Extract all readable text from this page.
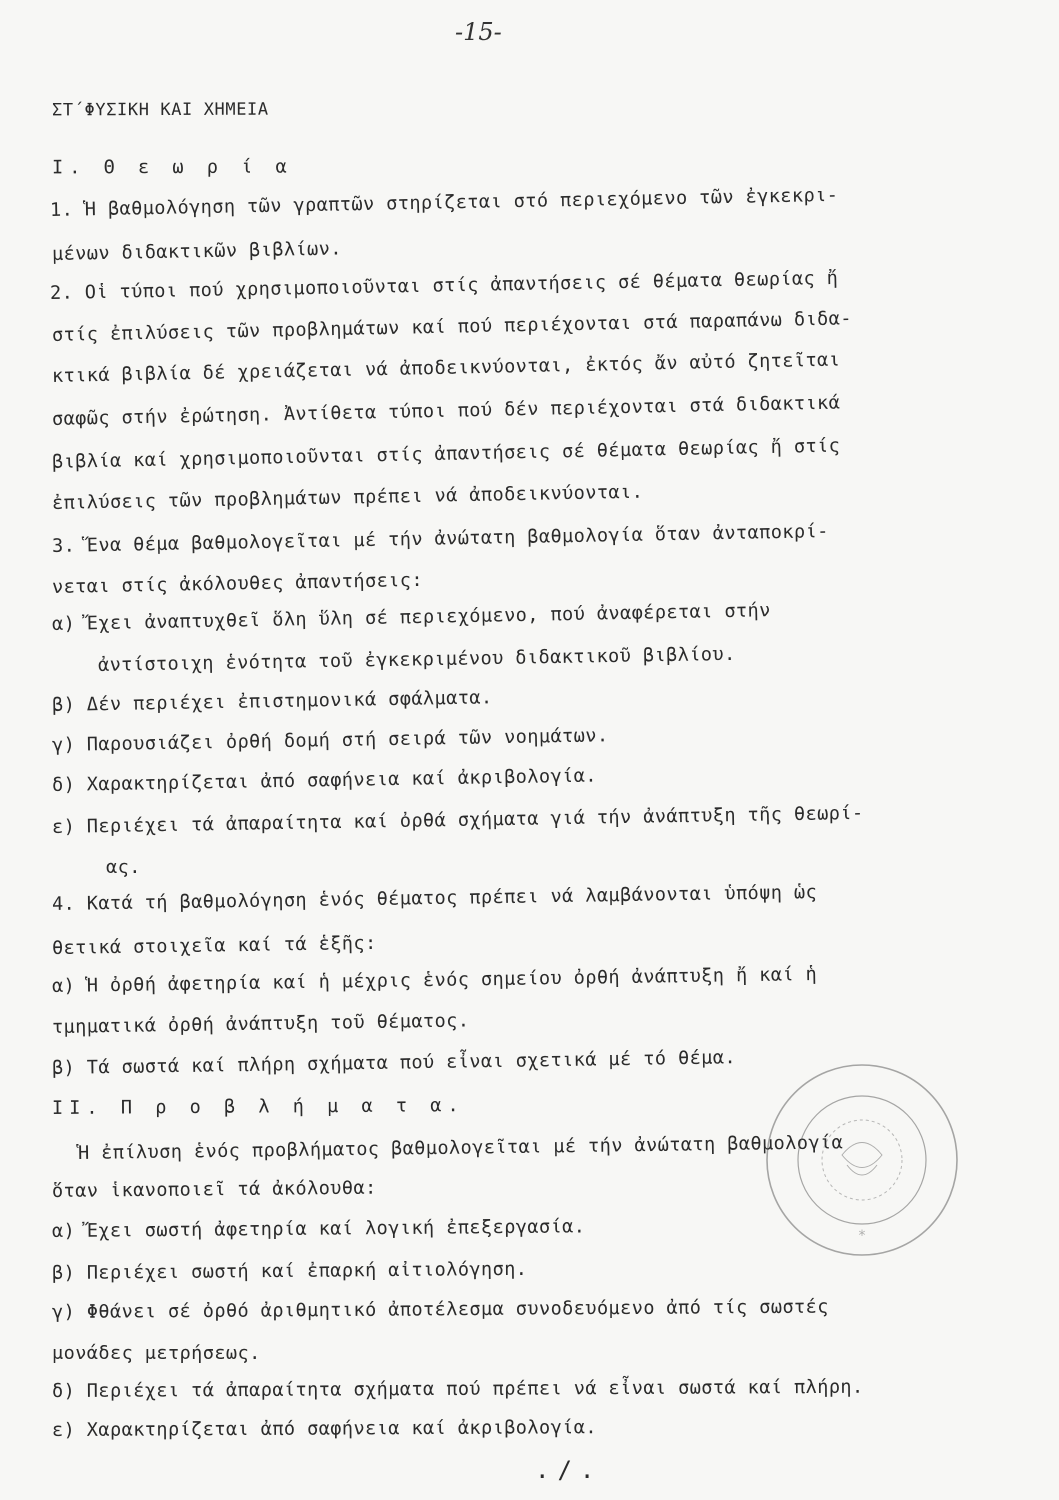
-15-
ΣΤ΄ΦΥΣΙΚΗ ΚΑΙ ΧΗΜΕΙΑ
Ι. Θ ε ω ρ ί α
1. Ἡ βαθμολόγηση τῶν γραπτῶν στηρίζεται στό περιεχόμενο τῶν ἐγκεκρι-
μένων διδακτικῶν βιβλίων.
2. Οἱ τύποι πού χρησιμοποιοῦνται στίς ἀπαντήσεις σέ θέματα θεωρίας ἤ
στίς ἐπιλύσεις τῶν προβλημάτων καί πού περιέχονται στά παραπάνω διδα-
κτικά βιβλία δέ χρειάζεται νά ἀποδεικνύονται, ἐκτός ἄν αὐτό ζητεῖται
σαφῶς στήν ἐρώτηση. Ἀντίθετα τύποι πού δέν περιέχονται στά διδακτικά
βιβλία καί χρησιμοποιοῦνται στίς ἀπαντήσεις σέ θέματα θεωρίας ἤ στίς
ἐπιλύσεις τῶν προβλημάτων πρέπει νά ἀποδεικνύονται.
3. Ἕνα θέμα βαθμολογεῖται μέ τήν ἀνώτατη βαθμολογία ὅταν ἀνταποκρί-
νεται στίς ἀκόλουθες ἀπαντήσεις:
α) Ἔχει ἀναπτυχθεῖ ὅλη ὕλη σέ περιεχόμενο, πού ἀναφέρεται στήν
ἀντίστοιχη ἑνότητα τοῦ ἐγκεκριμένου διδακτικοῦ βιβλίου.
β) Δέν περιέχει ἐπιστημονικά σφάλματα.
γ) Παρουσιάζει ὀρθή δομή στή σειρά τῶν νοημάτων.
δ) Χαρακτηρίζεται ἀπό σαφήνεια καί ἀκριβολογία.
ε) Περιέχει τά ἀπαραίτητα καί ὀρθά σχήματα γιά τήν ἀνάπτυξη τῆς θεωρί-
ας.
4. Κατά τή βαθμολόγηση ἑνός θέματος πρέπει νά λαμβάνονται ὑπόψη ὡς
θετικά στοιχεῖα καί τά ἑξῆς:
α) Ἡ ὀρθή ἀφετηρία καί ἡ μέχρις ἑνός σημείου ὀρθή ἀνάπτυξη ἤ καί ἡ
τμηματικά ὀρθή ἀνάπτυξη τοῦ θέματος.
β) Τά σωστά καί πλήρη σχήματα πού εἶναι σχετικά μέ τό θέμα.
ΙΙ. Π ρ ο β λ ή μ α τ α.
Ἡ ἐπίλυση ἑνός προβλήματος βαθμολογεῖται μέ τήν ἀνώτατη βαθμολογία
ὅταν ἱκανοποιεῖ τά ἀκόλουθα:
α) Ἔχει σωστή ἀφετηρία καί λογική ἐπεξεργασία.
β) Περιέχει σωστή καί ἐπαρκή αἰτιολόγηση.
γ) Φθάνει σέ ὀρθό ἀριθμητικό ἀποτέλεσμα συνοδευόμενο ἀπό τίς σωστές
μονάδες μετρήσεως.
δ) Περιέχει τά ἀπαραίτητα σχήματα πού πρέπει νά εἶναι σωστά καί πλήρη.
ε) Χαρακτηρίζεται ἀπό σαφήνεια καί ἀκριβολογία.
./.
*
